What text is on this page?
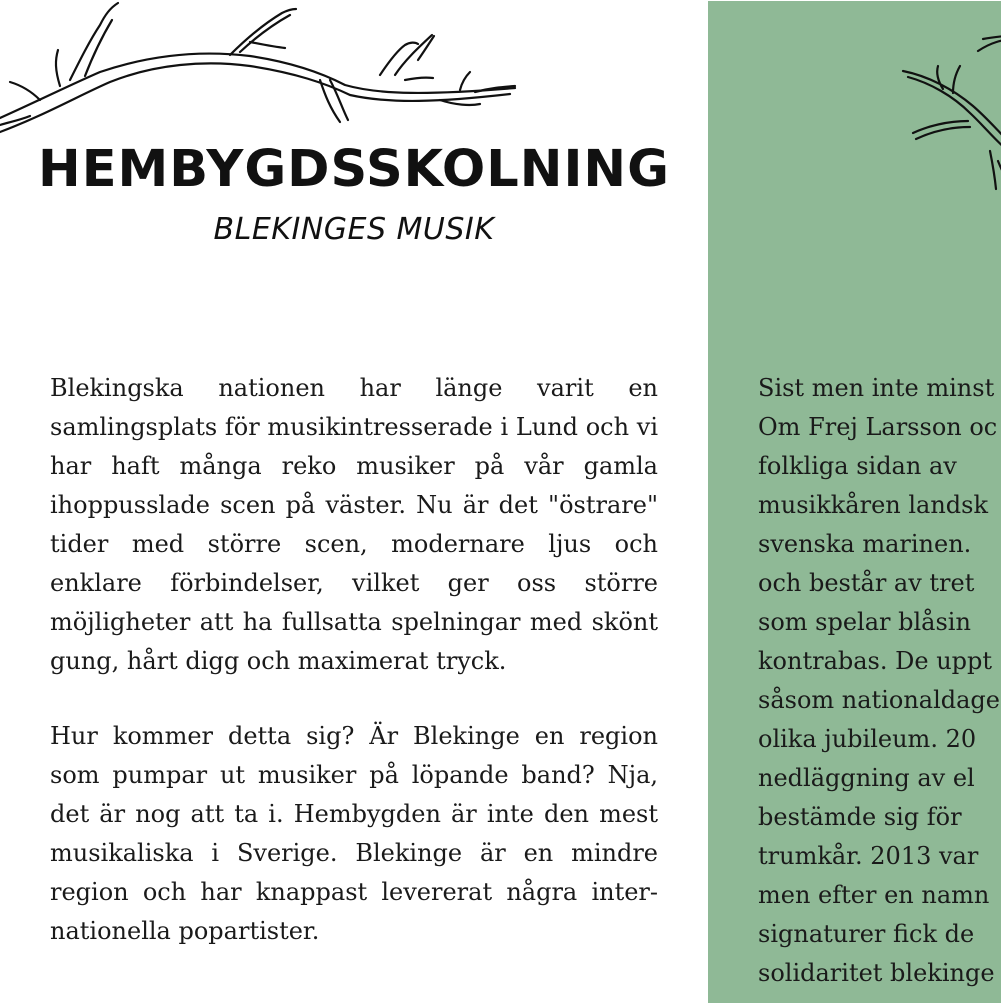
HEMBYGDSSKOLNING
BLEKINGES MUSIK

Blekingska nationen har länge varit en samlingsplats för musikintresserade i Lund och vi har haft många reko musiker på vår gamla ihoppusslade scen på väster. Nu är det "östrare" tider med större scen, modernare ljus och enklare förbindelser, vilket ger oss större möjligheter att ha fullsatta spelningar med skönt gung, hårt digg och maximerat tryck.

Hur kommer detta sig? Är Blekinge en region som pumpar ut musiker på löpande band? Nja, det är nog att ta i. Hembygden är inte den mest musikaliska i Sverige. Blekinge är en mindre region och har knappast levererat några inter-nationella popartister.

Sist men inte minst

Om Frej Larsson oc

folkliga sidan av

musikkåren landsk

svenska marinen.

och består av tret

som spelar blåsin

kontrabas. De uppt

såsom nationaldage

olika jubileum. 20

nedläggning av el

bestämde sig för

trumkår. 2013 var

men efter en namn

signaturer fick de

solidaritet blekinge
